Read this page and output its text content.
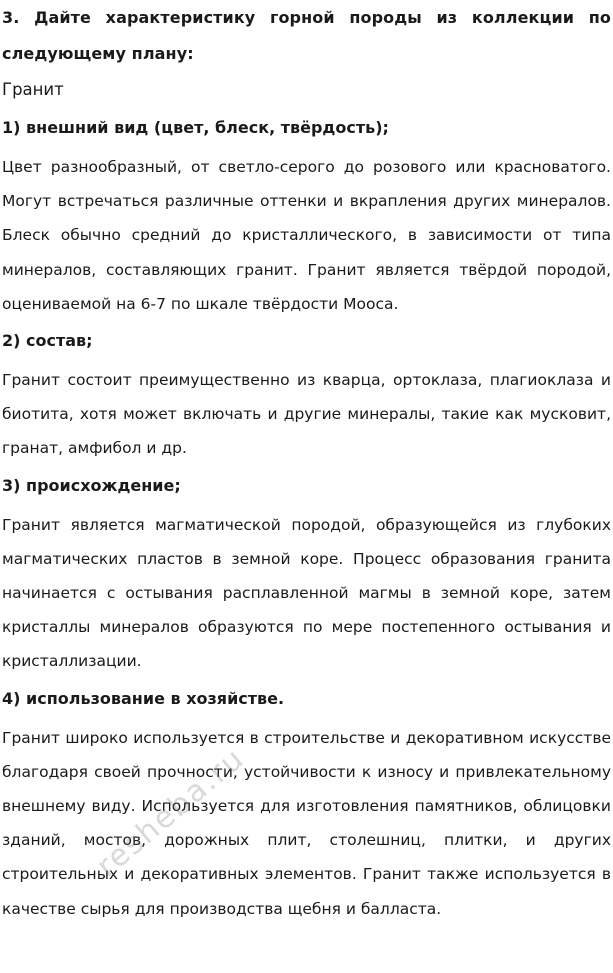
3. Дайте характеристику горной породы из коллекции по следующему плану:

Гранит

1) внешний вид (цвет, блеск, твёрдость);

Цвет разнообразный, от светло-серого до розового или красноватого. Могут встречаться различные оттенки и вкрапления других минералов. Блеск обычно средний до кристаллического, в зависимости от типа минералов, составляющих гранит. Гранит является твёрдой породой, оцениваемой на 6-7 по шкале твёрдости Мооса.

2) состав;

Гранит состоит преимущественно из кварца, ортоклаза, плагиоклаза и биотита, хотя может включать и другие минералы, такие как мусковит, гранат, амфибол и др.

3) происхождение;

Гранит является магматической породой, образующейся из глубоких магматических пластов в земной коре. Процесс образования гранита начинается с остывания расплавленной магмы в земной коре, затем кристаллы минералов образуются по мере постепенного остывания и кристаллизации.

4) использование в хозяйстве.

Гранит широко используется в строительстве и декоративном искусстве благодаря своей прочности, устойчивости к износу и привлекательному внешнему виду. Используется для изготовления памятников, облицовки зданий, мостов, дорожных плит, столешниц, плитки, и других строительных и декоративных элементов. Гранит также используется в качестве сырья для производства щебня и балласта.

resheba.ru
